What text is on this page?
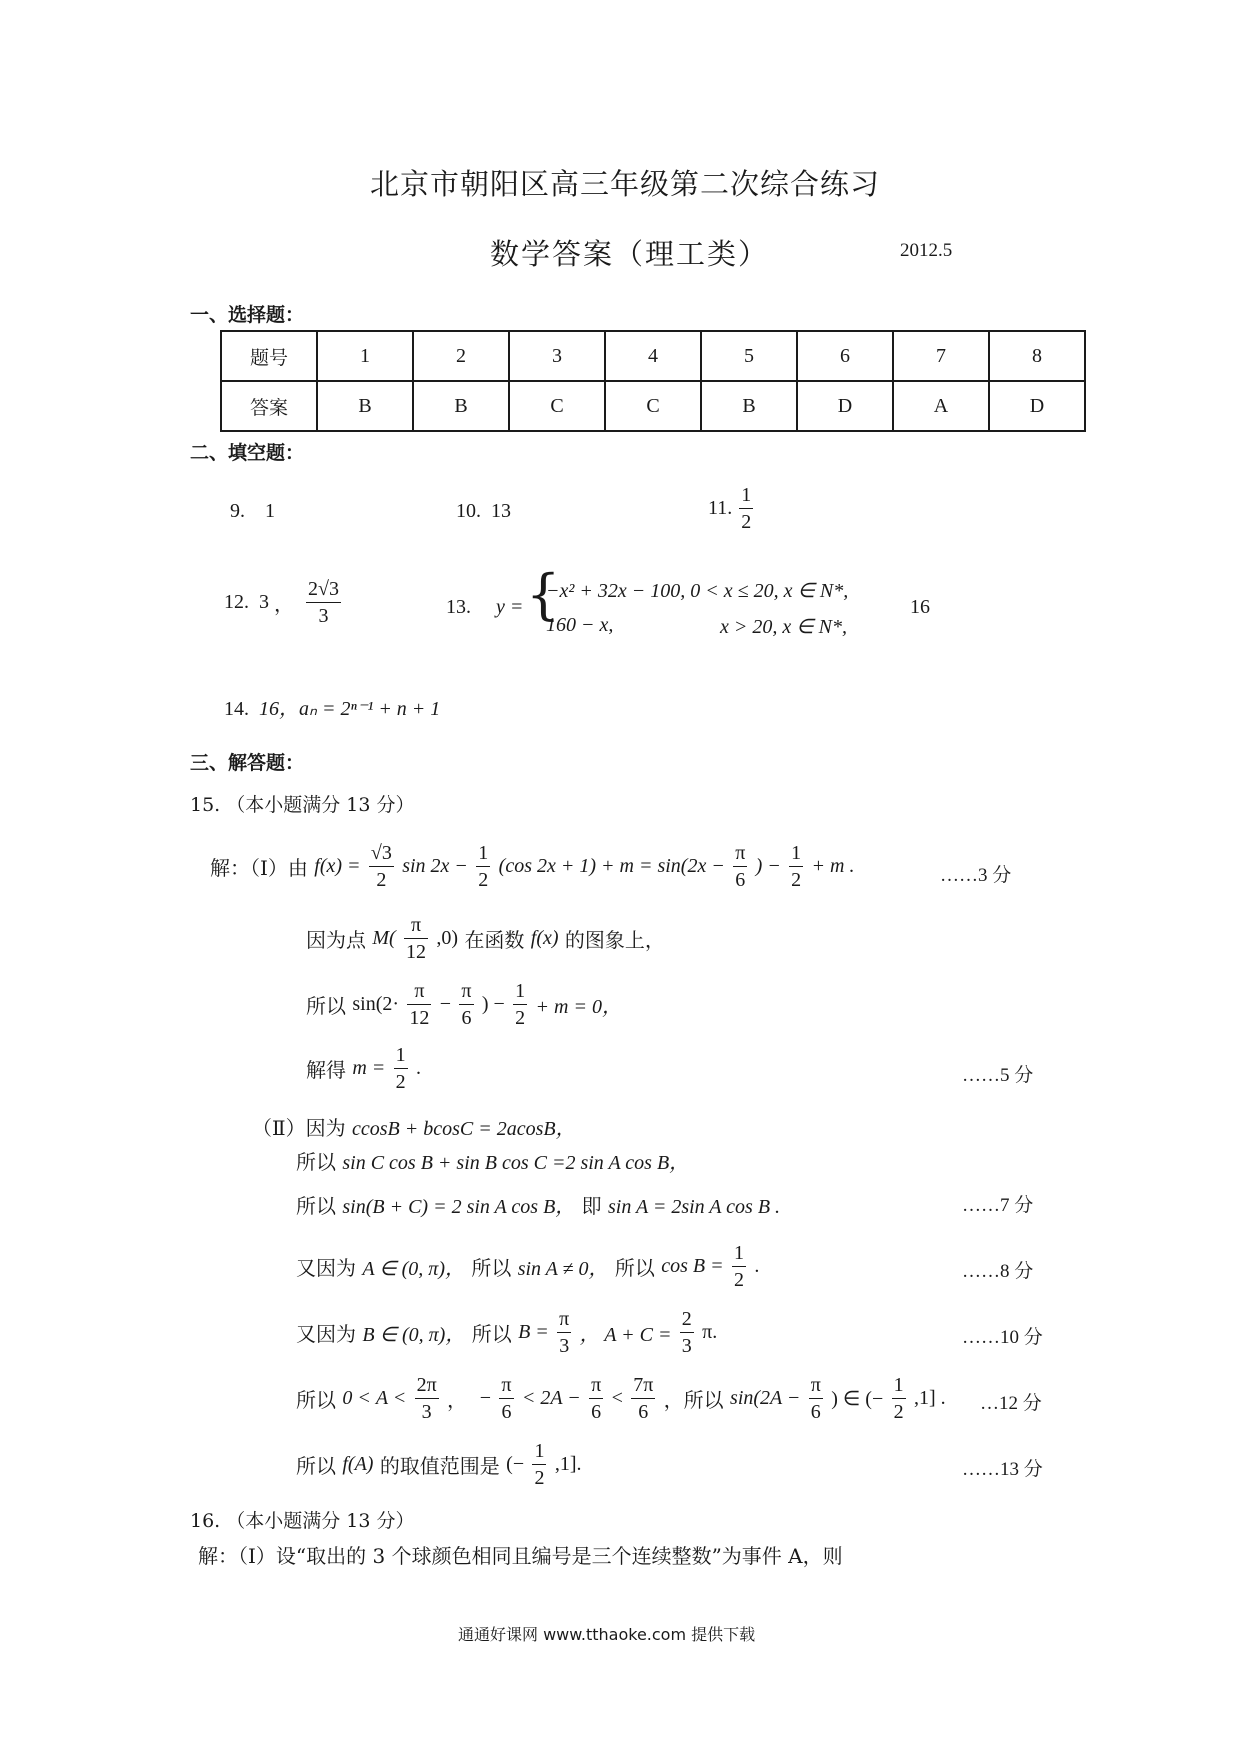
北京市朝阳区高三年级第二次综合练习
数学答案（理工类）	2012.5
一、选择题：
题号	1	2	3	4	5	6	7	8
答案	B	B	C	C	B	D	A	D
二、填空题：
9. 1	10. 13	11. $\frac{1}{2}$
12. 3 ， $\frac{2√3}{3}$	13. y = {
−x² + 32x − 100, 0 < x ≤ 20, x ∈ N*,
160 − x,	x > 20, x ∈ N*,
16
14. 16，aₙ = 2ⁿ⁻¹ + n + 1
三、解答题：
15. （本小题满分 13 分）
解：（Ⅰ）由 $f(x) = \frac{√3}{2}$ $\sin 2x - \frac{1}{2} (\cos$ $2x + 1) + m = \sin(2x - \frac{\pi}{6}$ ) − $\frac{1}{2} + m$ .	……3 分
因为点 $M( \frac{\pi}{12} ,0)$ 在函数 f(x) 的图象上，
所以 $\sin(2\cdot \frac{\pi}{12} - \frac{\pi}{6}$ ) − $\frac{1}{2} + m = 0$，
解得 $m = \frac{1}{2}$ .	……5 分
（Ⅱ）因为 ccosB + bcosC = 2acosB，
所以 sin C cos B + sin B cos C =2 sin A cos B，
所以 sin(B + C) = 2 sin A cos B， 即 sin A = 2sin A cos B .	……7 分
又因为 A ∈ (0, π)， 所以 sin A ≠ 0， 所以 $\cos B = \frac{1}{2}$ .	……8 分
又因为 B ∈ (0, π)， 所以 $B = \frac{\pi}{3}$ ， $A + C = \frac{2}{3} \pi$.	……10 分
所以 $0 < A < \frac{2\pi}{3}$ ， − $\frac{\pi}{6} < 2A - \frac{\pi}{6} < \frac{7\pi}{6}$ ，所以 $\sin(2A - \frac{\pi}{6}$ ) ∈ (− $\frac{1}{2} ,1$] . …12 分
所以 f(A) 的取值范围是 (− $\frac{1}{2} ,1$].	……13 分
16. （本小题满分 13 分）
解：（Ⅰ）设“取出的 3 个球颜色相同且编号是三个连续整数”为事件 A，则
通通好课网 www.tthaoke.com 提供下载
